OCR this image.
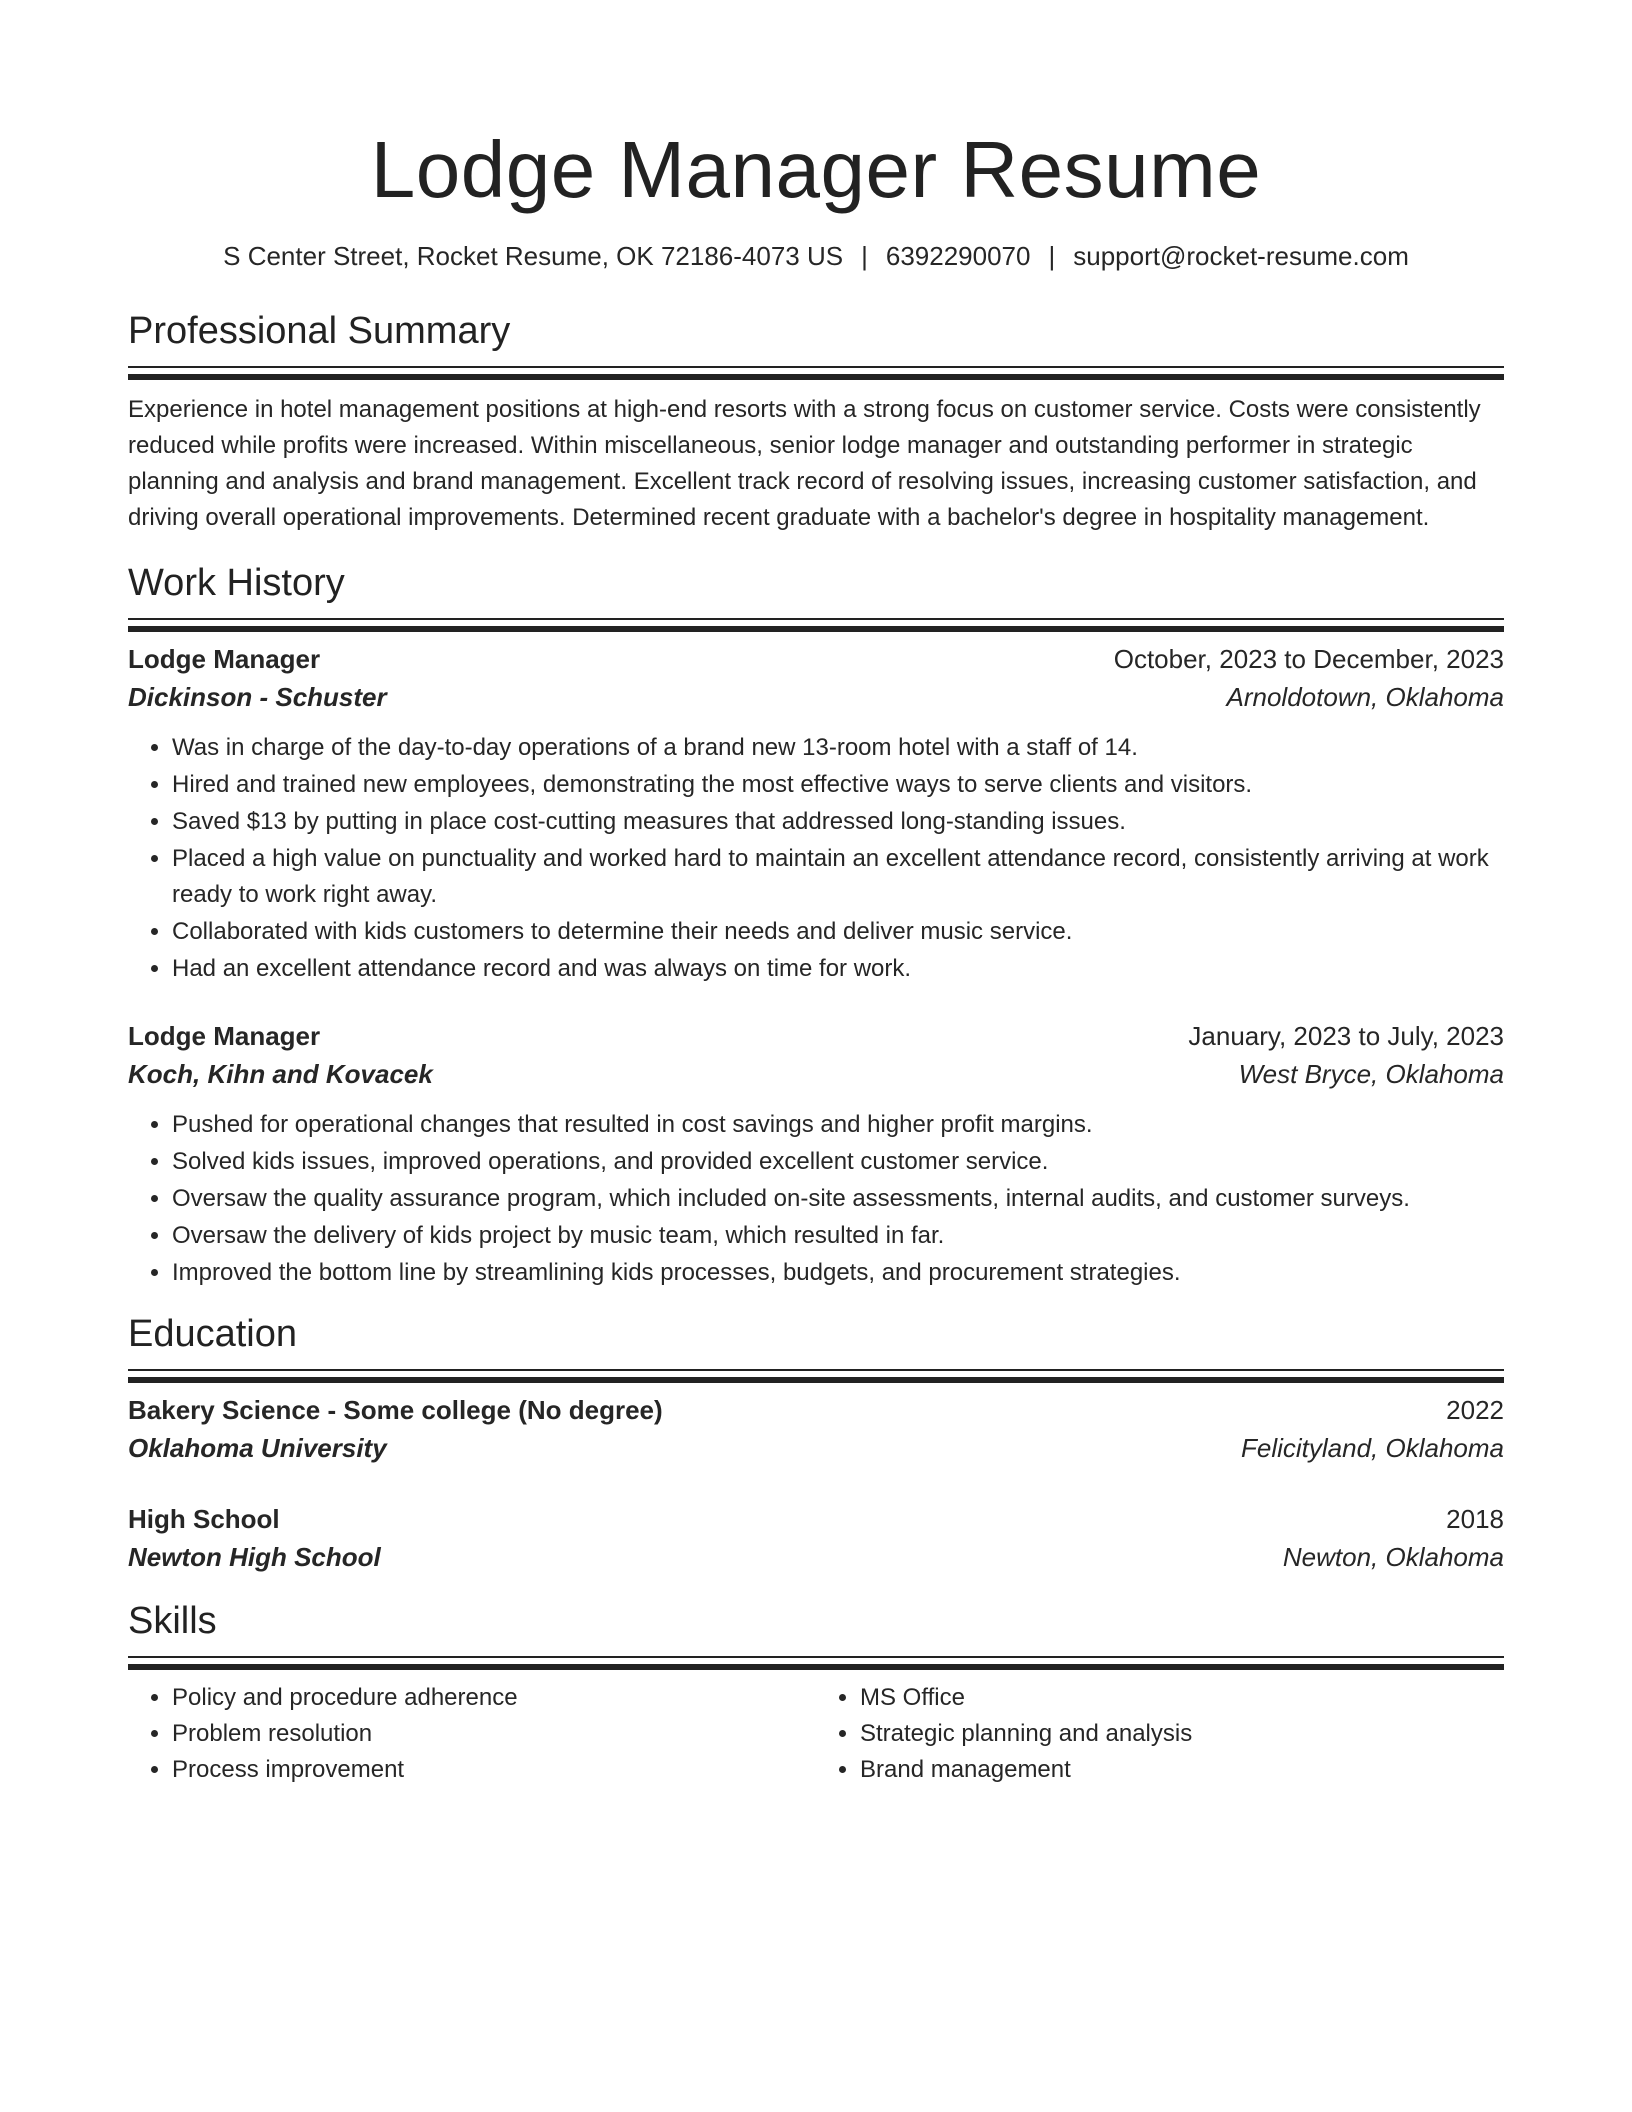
Lodge Manager Resume
S Center Street, Rocket Resume, OK 72186-4073 US | 6392290070 | support@rocket-resume.com
Professional Summary

Experience in hotel management positions at high-end resorts with a strong focus on customer service. Costs were consistently reduced while profits were increased. Within miscellaneous, senior lodge manager and outstanding performer in strategic planning and analysis and brand management. Excellent track record of resolving issues, increasing customer satisfaction, and driving overall operational improvements. Determined recent graduate with a bachelor's degree in hospitality management.

Work History
Lodge Manager	October, 2023 to December, 2023
Dickinson - Schuster	Arnoldotown, Oklahoma
• Was in charge of the day-to-day operations of a brand new 13-room hotel with a staff of 14.
• Hired and trained new employees, demonstrating the most effective ways to serve clients and visitors.
• Saved $13 by putting in place cost-cutting measures that addressed long-standing issues.
• Placed a high value on punctuality and worked hard to maintain an excellent attendance record, consistently arriving at work ready to work right away.
• Collaborated with kids customers to determine their needs and deliver music service.
• Had an excellent attendance record and was always on time for work.
Lodge Manager	January, 2023 to July, 2023
Koch, Kihn and Kovacek	West Bryce, Oklahoma
• Pushed for operational changes that resulted in cost savings and higher profit margins.
• Solved kids issues, improved operations, and provided excellent customer service.
• Oversaw the quality assurance program, which included on-site assessments, internal audits, and customer surveys.
• Oversaw the delivery of kids project by music team, which resulted in far.
• Improved the bottom line by streamlining kids processes, budgets, and procurement strategies.
Education
Bakery Science - Some college (No degree)	2022
Oklahoma University	Felicityland, Oklahoma
High School	2018
Newton High School	Newton, Oklahoma
Skills
• Policy and procedure adherence
• Problem resolution
• Process improvement
• MS Office
• Strategic planning and analysis
• Brand management
